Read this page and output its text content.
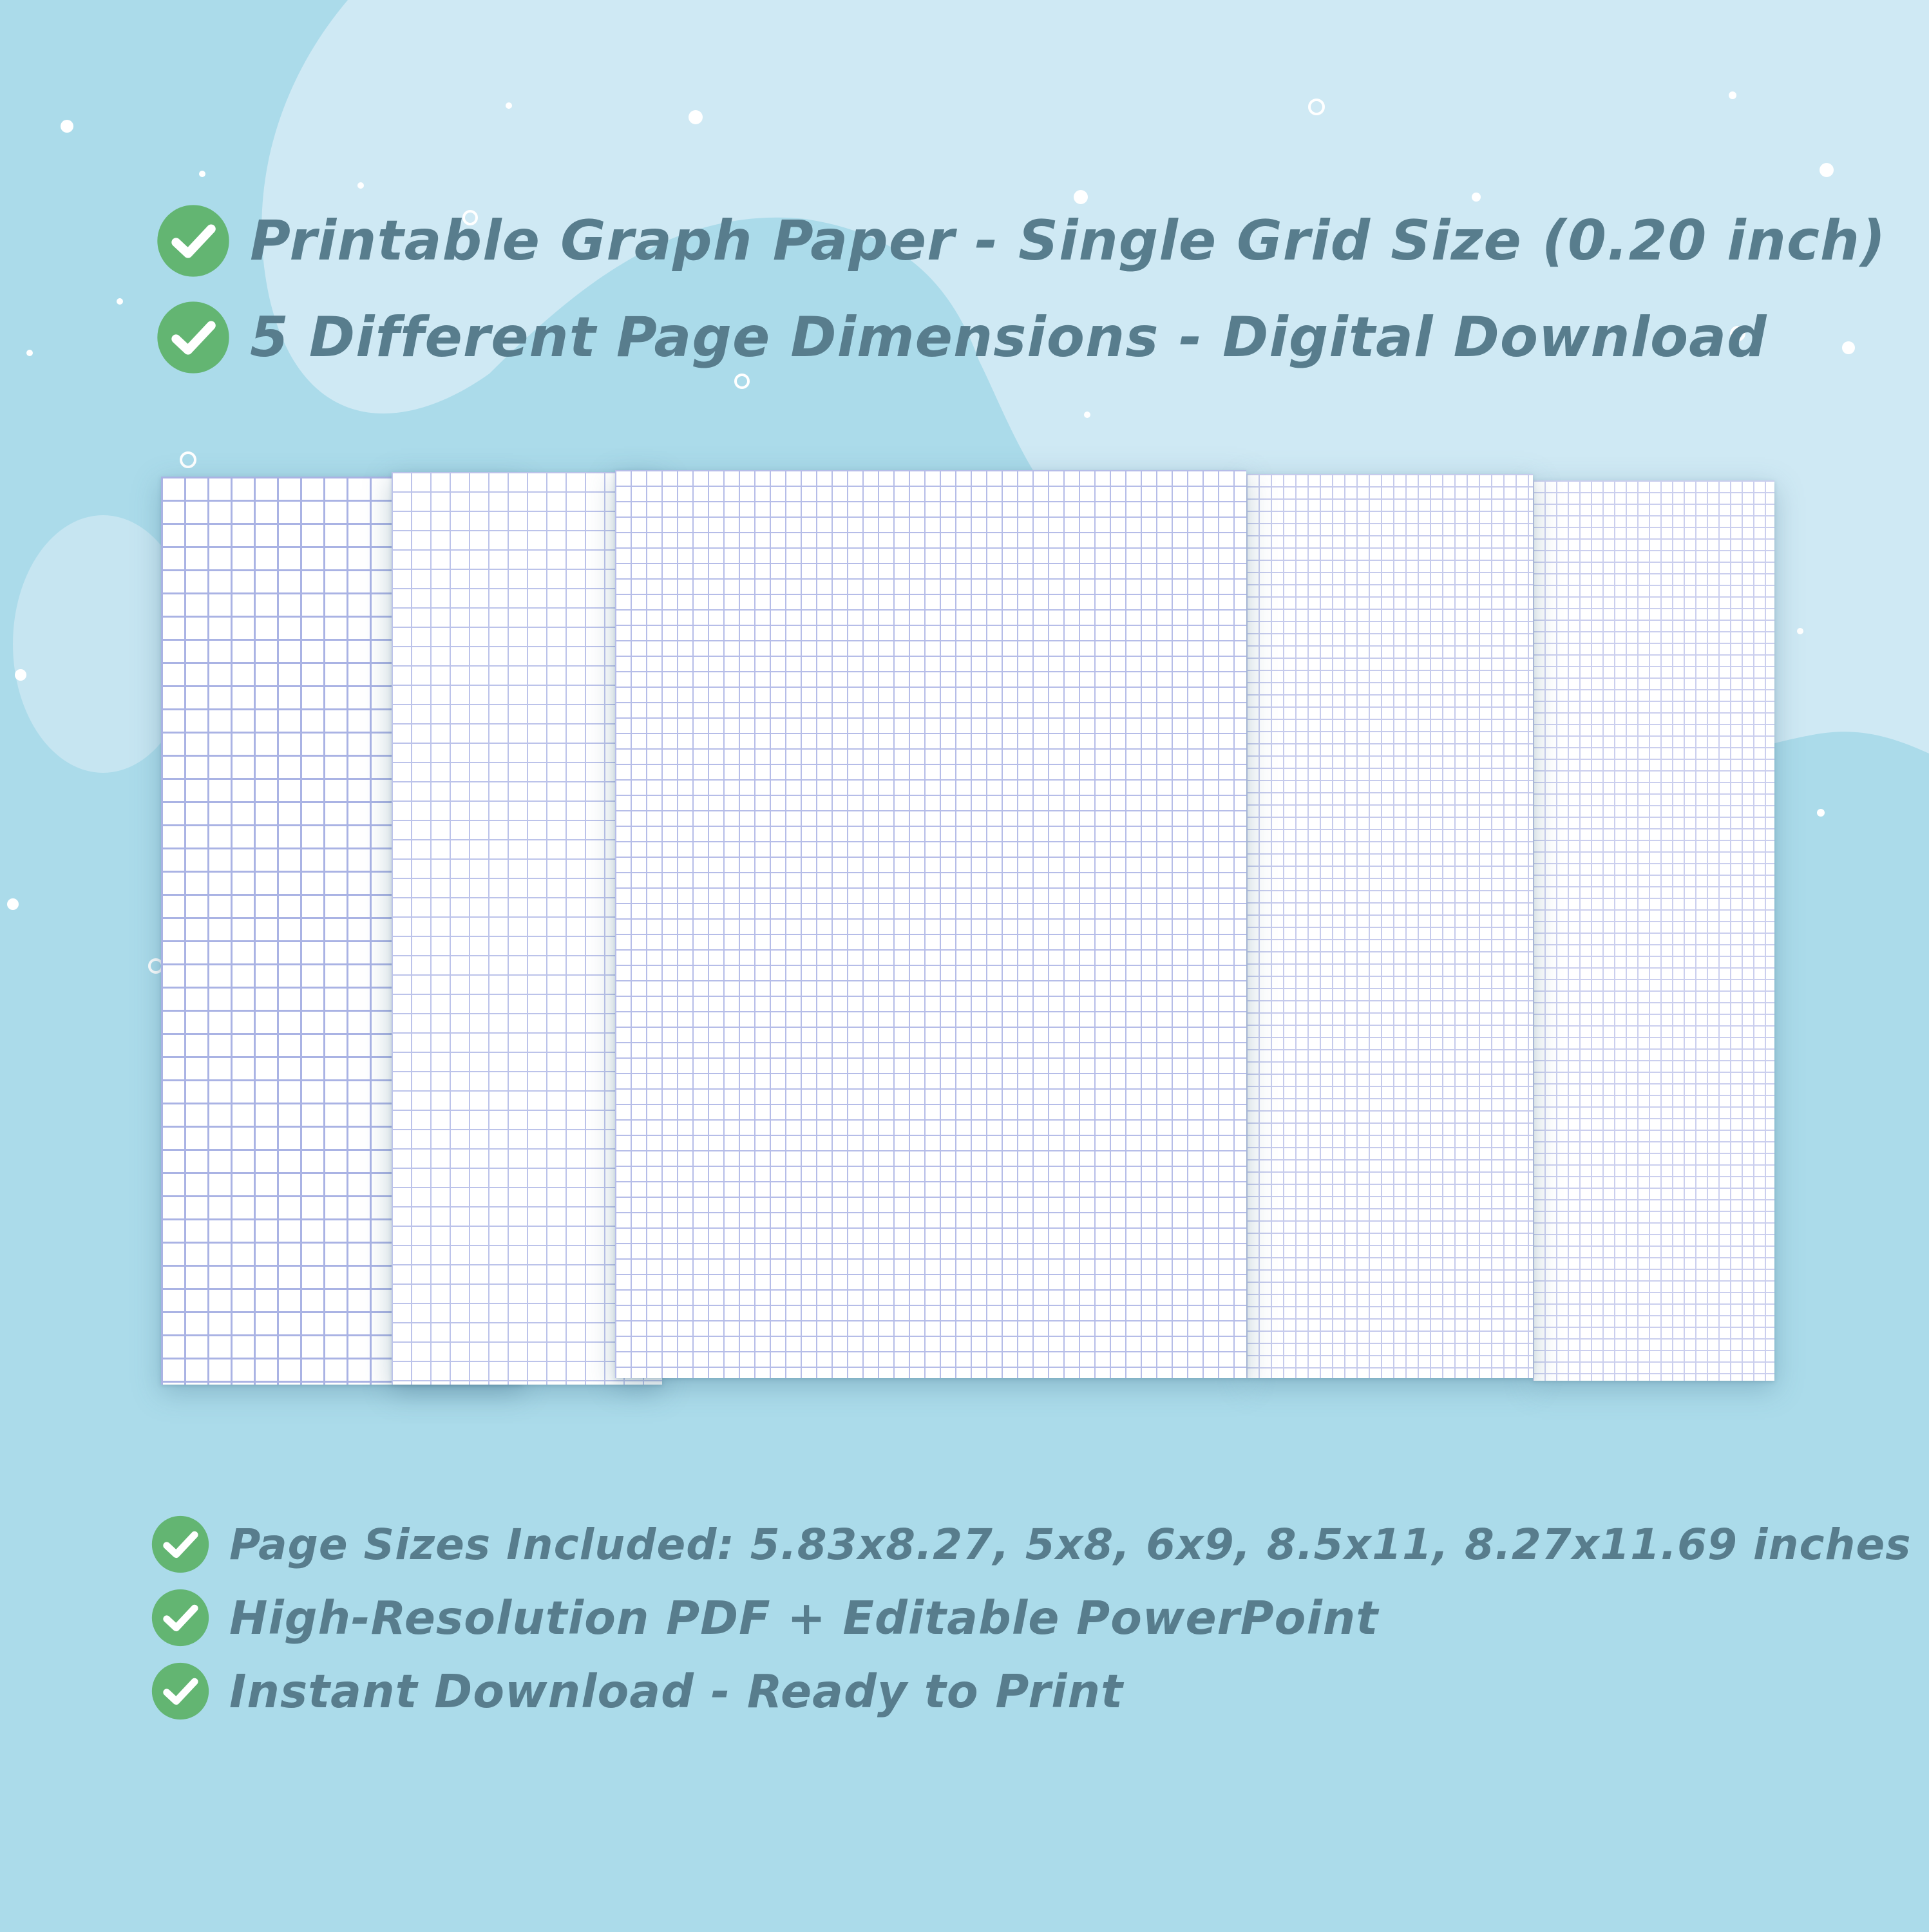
Printable Graph Paper - Single Grid Size (0.20 inch)
5 Different Page Dimensions - Digital Download
Page Sizes Included: 5.83x8.27, 5x8, 6x9, 8.5x11, 8.27x11.69 inches
High-Resolution PDF + Editable PowerPoint
Instant Download - Ready to Print
